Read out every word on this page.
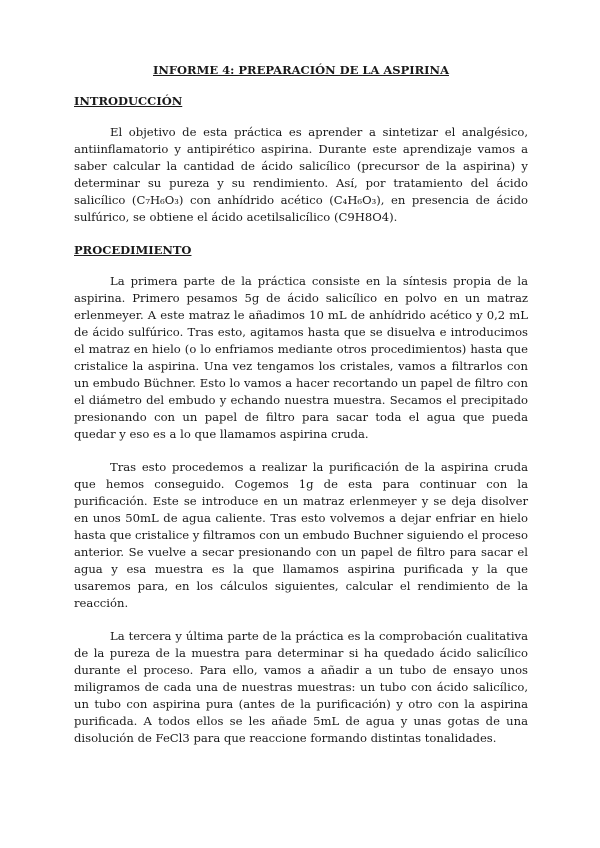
INFORME 4: PREPARACIÓN DE LA ASPIRINA
INTRODUCCIÓN

El objetivo de esta práctica es aprender a sintetizar el analgésico, antiinflamatorio y antipirético aspirina. Durante este aprendizaje vamos a saber calcular la cantidad de ácido salicílico (precursor de la aspirina) y determinar su pureza y su rendimiento. Así, por tratamiento del ácido salicílico (C₇H₆O₃) con anhídrido acético (C₄H₆O₃), en presencia de ácido sulfúrico, se obtiene el ácido acetilsalicílico (C9H8O4).

PROCEDIMIENTO

La primera parte de la práctica consiste en la síntesis propia de la aspirina. Primero pesamos 5g de ácido salicílico en polvo en un matraz erlenmeyer. A este matraz le añadimos 10 mL de anhídrido acético y 0,2 mL de ácido sulfúrico. Tras esto, agitamos hasta que se disuelva e introducimos el matraz en hielo (o lo enfriamos mediante otros procedimientos) hasta que cristalice la aspirina. Una vez tengamos los cristales, vamos a filtrarlos con un embudo Büchner. Esto lo vamos a hacer recortando un papel de filtro con el diámetro del embudo y echando nuestra muestra. Secamos el precipitado presionando con un papel de filtro para sacar toda el agua que pueda quedar y eso es a lo que llamamos aspirina cruda.

Tras esto procedemos a realizar la purificación de la aspirina cruda que hemos conseguido. Cogemos 1g de esta para continuar con la purificación. Este se introduce en un matraz erlenmeyer y se deja disolver en unos 50mL de agua caliente. Tras esto volvemos a dejar enfriar en hielo hasta que cristalice y filtramos con un embudo Buchner siguiendo el proceso anterior. Se vuelve a secar presionando con un papel de filtro para sacar el agua y esa muestra es la que llamamos aspirina purificada y la que usaremos para, en los cálculos siguientes, calcular el rendimiento de la reacción.

La tercera y última parte de la práctica es la comprobación cualitativa de la pureza de la muestra para determinar si ha quedado ácido salicílico durante el proceso. Para ello, vamos a añadir a un tubo de ensayo unos miligramos de cada una de nuestras muestras: un tubo con ácido salicílico, un tubo con aspirina pura (antes de la purificación) y otro con la aspirina purificada. A todos ellos se les añade 5mL de agua y unas gotas de una disolución de FeCl3 para que reaccione formando distintas tonalidades.
